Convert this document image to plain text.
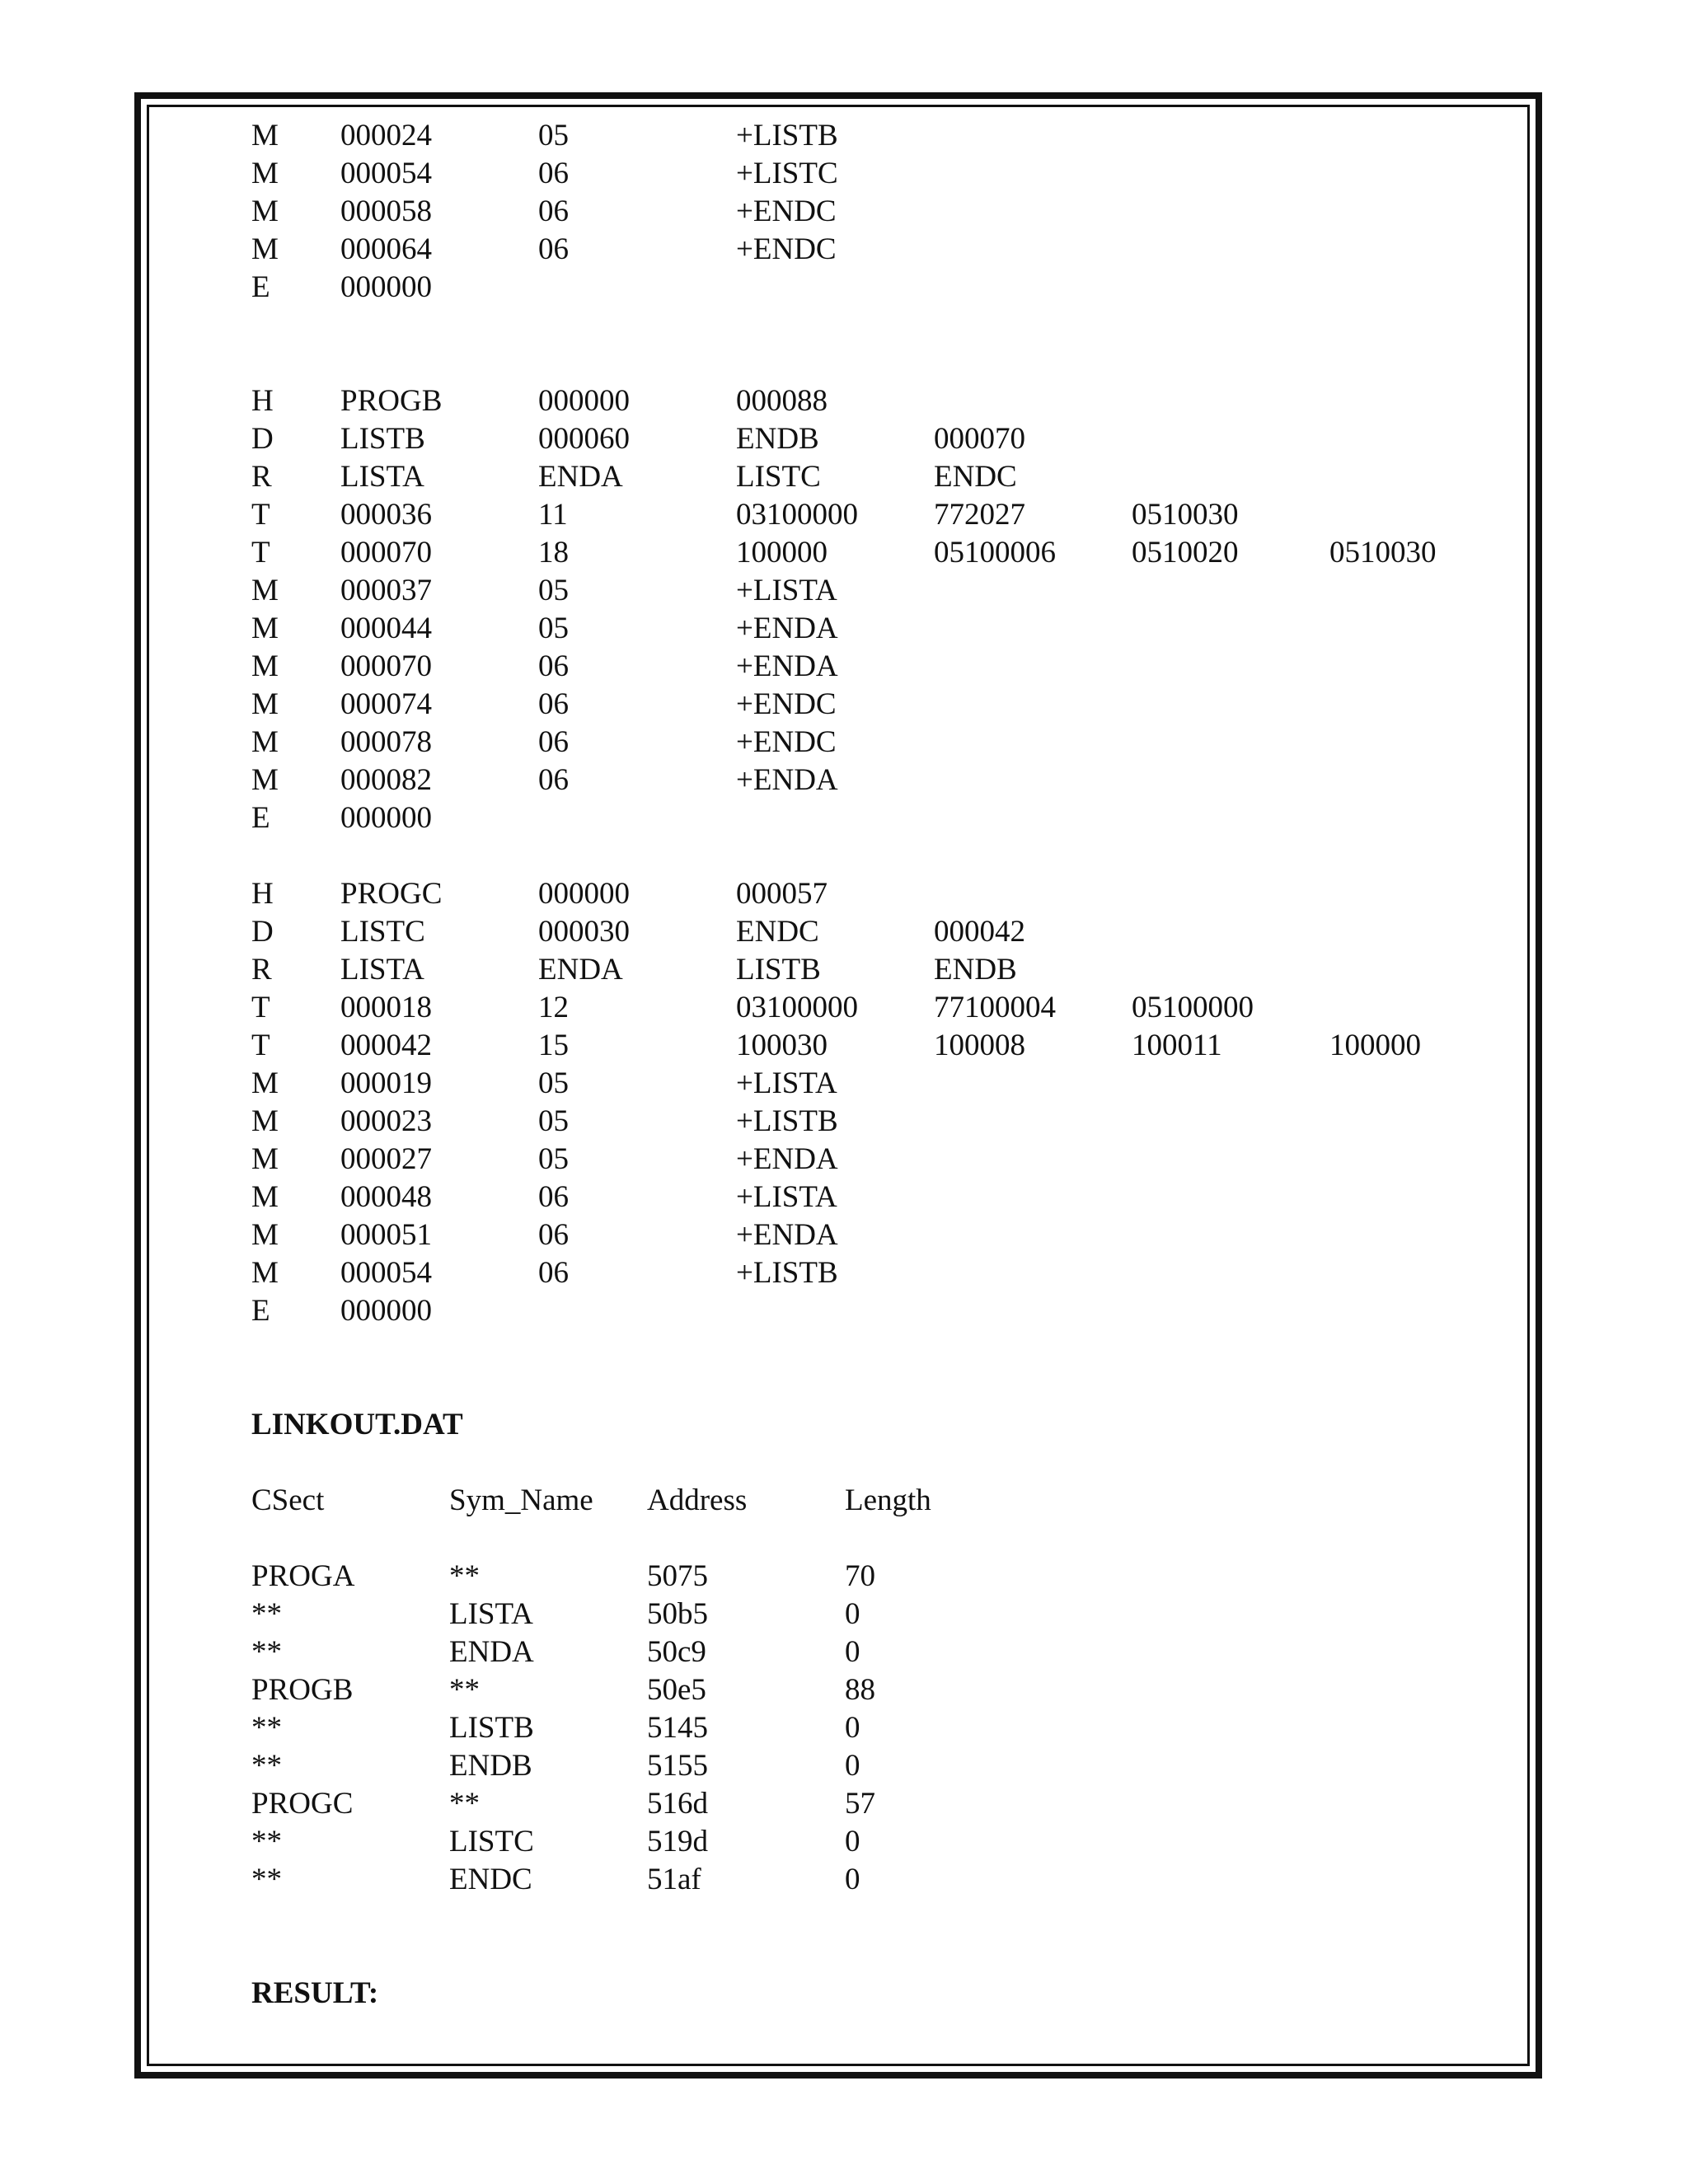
M	000024	05	+LISTB
M	000054	06	+LISTC
M	000058	06	+ENDC
M	000064	06	+ENDC
E	000000
H	PROGB	000000	000088
D	LISTB	000060	ENDB	000070
R	LISTA	ENDA	LISTC	ENDC
T	000036	11	03100000	772027	0510030
T	000070	18	100000	05100006	0510020	0510030
M	000037	05	+LISTA
M	000044	05	+ENDA
M	000070	06	+ENDA
M	000074	06	+ENDC
M	000078	06	+ENDC
M	000082	06	+ENDA
E	000000
H	PROGC	000000	000057
D	LISTC	000030	ENDC	000042
R	LISTA	ENDA	LISTB	ENDB
T	000018	12	03100000	77100004	05100000
T	000042	15	100030	100008	100011	100000
M	000019	05	+LISTA
M	000023	05	+LISTB
M	000027	05	+ENDA
M	000048	06	+LISTA
M	000051	06	+ENDA
M	000054	06	+LISTB
E	000000
LINKOUT.DAT
CSect	Sym_Name	Address	Length
PROGA	**	5075	70
**	LISTA	50b5	0
**	ENDA	50c9	0
PROGB	**	50e5	88
**	LISTB	5145	0
**	ENDB	5155	0
PROGC	**	516d	57
**	LISTC	519d	0
**	ENDC	51af	0
RESULT:
